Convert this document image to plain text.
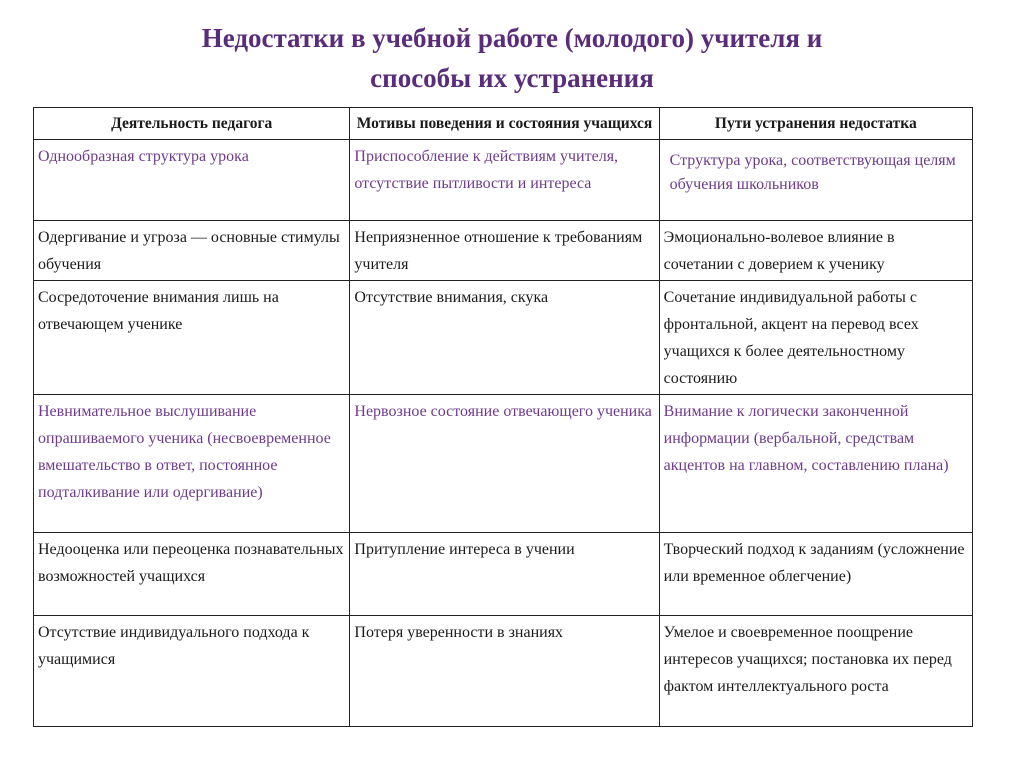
Недостатки в учебной работе (молодого) учителя и
способы их устранения
Деятельность педагога	Мотивы поведения и состояния учащихся	Пути устранения недостатка
Однообразная структура урока	Приспособление к действиям учителя, отсутствие пытливости и интереса	Структура урока, соответствующая целям обучения школьников
Одергивание и угроза — основные стимулы обучения	Неприязненное отношение к требованиям учителя	Эмоционально-волевое влияние в сочетании с доверием к ученику
Сосредоточение внимания лишь на отвечающем ученике	Отсутствие внимания, скука	Сочетание индивидуальной работы с фронтальной, акцент на перевод всех учащихся к более деятельностному состоянию
Невнимательное выслушивание опрашиваемого ученика (несвоевременное вмешательство в ответ, постоянное подталкивание или одергивание)	Нервозное состояние отвечающего ученика	Внимание к логически законченной информации (вербальной, средствам акцентов на главном, составлению плана)
Недооценка или переоценка познавательных возможностей учащихся	Притупление интереса в учении	Творческий подход к заданиям (усложнение или временное облегчение)
Отсутствие индивидуального подхода к учащимися	Потеря уверенности в знаниях	Умелое и своевременное поощрение интересов учащихся; постановка их перед фактом интеллектуального роста
